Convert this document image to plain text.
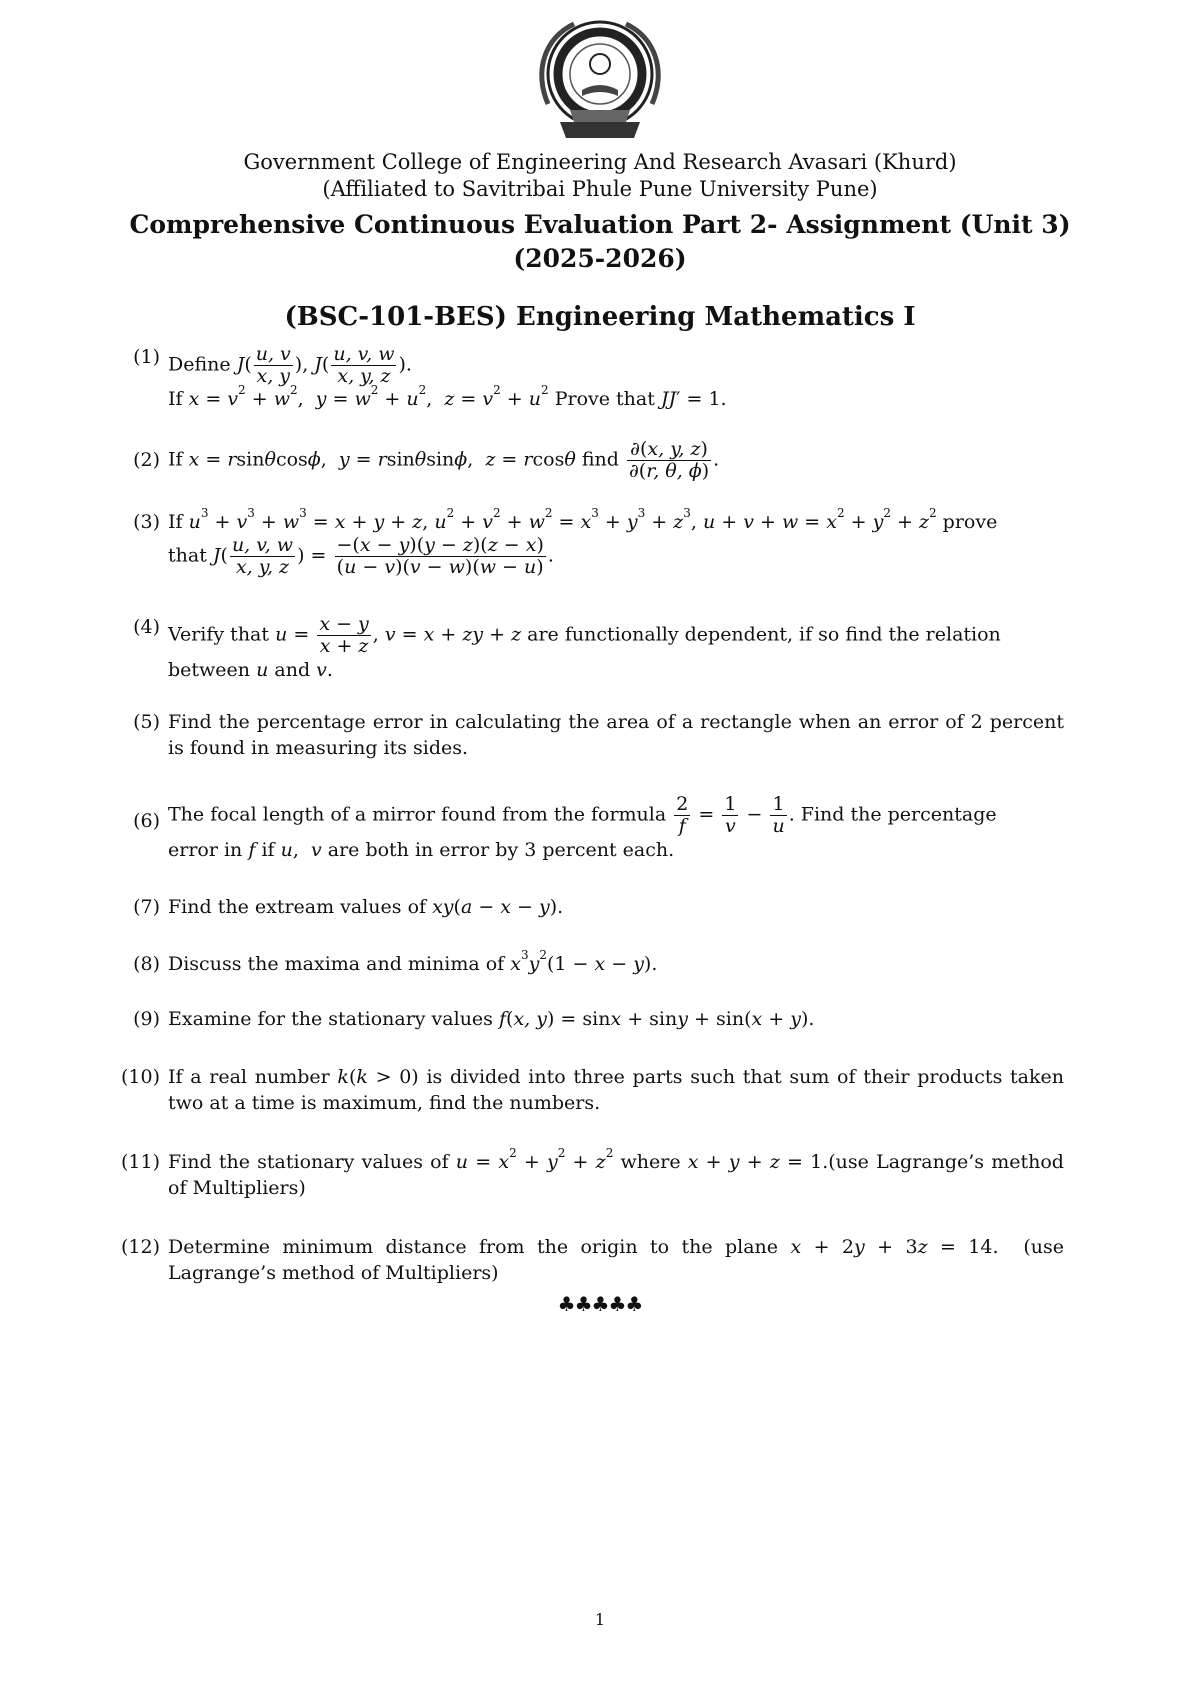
Government College of Engineering And Research Avasari (Khurd)
(Affiliated to Savitribai Phule Pune University Pune)
Comprehensive Continuous Evaluation Part 2- Assignment (Unit 3)
(2025-2026)
(BSC-101-BES) Engineering Mathematics I
(1) Define $J( \frac{u, v}{x, y}$ ), $J( \frac{u, v, w}{x, y, z}$ ).
If $x = v^2 + w^2$,  $y = w^2 + u^2$,  $z = v^2 + u^2$ Prove that JJ′ = 1.
(2) If x = rsinθcosϕ,  y = rsinθsinϕ,  z = rcosθ find $\frac{\partial(x, y, z)}{\partial(r, \theta, \phi)}$ .
(3) If $u^3 + v^3 + w^3 = x + y + z$, $u^2 + v^2 + w^2 = x^3 + y^3 + z^3$, $u + v + w = x^2 + y^2 + z^2$ prove
that $J( \frac{u, v, w}{x, y, z}$ ) = $\frac{-(x - y)(y - z)(z - x)}{(u - v)(v - w)(w - u)}$ .
(4) Verify that $u = \frac{x - y}{x + z}$ , v = x + zy + z are functionally dependent, if so find the relation
between u and v.
(5) Find the percentage error in calculating the area of a rectangle when an error of 2 percent is found in measuring its sides.
(6) The focal length of a mirror found from the formula $\frac{2}{f} = \frac{1}{v} - \frac{1}{u}$ . Find the percentage
error in f if u,  v are both in error by 3 percent each.
(7) Find the extream values of xy(a − x − y).
(8) Discuss the maxima and minima of $x^3y^2(1 - x - y)$.
(9) Examine for the stationary values f(x, y) = sinx + siny + sin(x + y).
(10) If a real number k(k > 0) is divided into three parts such that sum of their products taken two at a time is maximum, find the numbers.
(11) Find the stationary values of $u = x^2 + y^2 + z^2$ where x + y + z = 1.(use Lagrange’s method of Multipliers)
(12) Determine minimum distance from the origin to the plane x + 2y + 3z = 14.  (use Lagrange’s method of Multipliers)
♣♣♣♣♣
1
